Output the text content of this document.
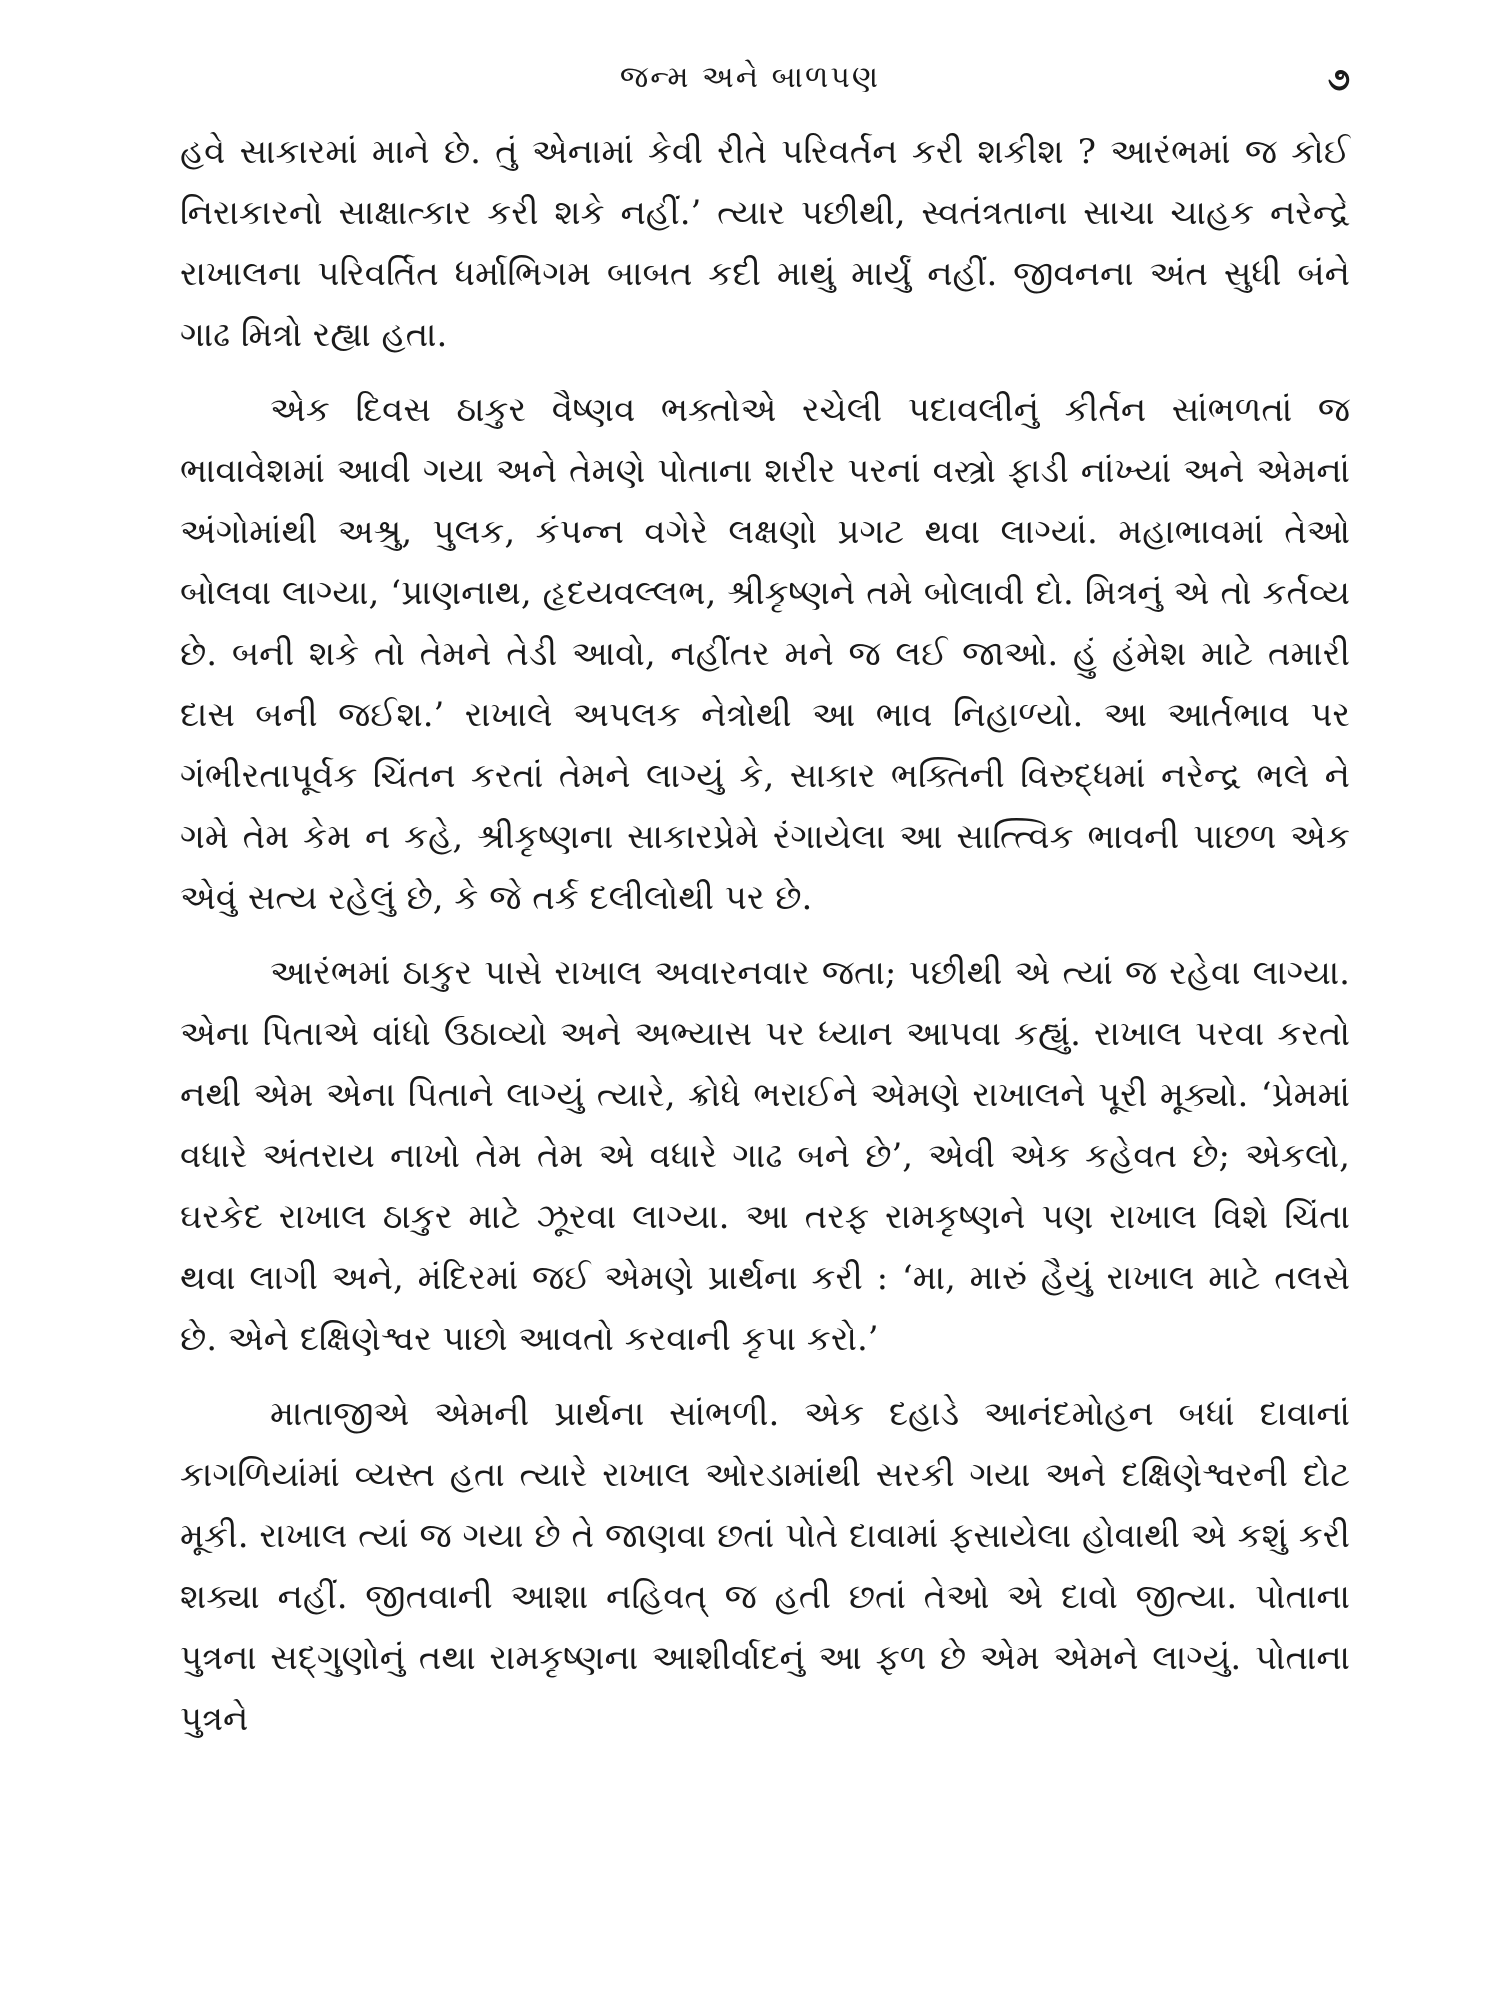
જન્મ અને બાળપણ	૭

હવે સાકારમાં માને છે. તું એનામાં કેવી રીતે પરિવર્તન કરી શકીશ ? આરંભમાં જ કોઈ નિરાકારનો સાક્ષાત્કાર કરી શકે નહીં.’ ત્યાર પછીથી, સ્વતંત્રતાના સાચા ચાહક નરેન્દ્રે રાખાલના પરિવર્તિત ધર્માભિગમ બાબત કદી માથું માર્યું નહીં. જીવનના અંત સુધી બંને ગાઢ મિત્રો રહ્યા હતા.

એક દિવસ ઠાકુર વૈષ્ણવ ભક્તોએ રચેલી પદાવલીનું કીર્તન સાંભળતાં જ ભાવાવેશમાં આવી ગયા અને તેમણે પોતાના શરીર પરનાં વસ્ત્રો ફાડી નાંખ્યાં અને એમનાં અંગોમાંથી અશ્રુ, પુલક, કંપન્ન વગેરે લક્ષણો પ્રગટ થવા લાગ્યાં. મહાભાવમાં તેઓ બોલવા લાગ્યા, ‘પ્રાણનાથ, હૃદયવલ્લભ, શ્રીકૃષ્ણને તમે બોલાવી દો. મિત્રનું એ તો કર્તવ્ય છે. બની શકે તો તેમને તેડી આવો, નહીંતર મને જ લઈ જાઓ. હું હંમેશ માટે તમારી દાસ બની જઈશ.’ રાખાલે અપલક નેત્રોથી આ ભાવ નિહાળ્યો. આ આર્તભાવ પર ગંભીરતાપૂર્વક ચિંતન કરતાં તેમને લાગ્યું કે, સાકાર ભક્તિની વિરુદ્ધમાં નરેન્દ્ર ભલે ને ગમે તેમ કેમ ન કહે, શ્રીકૃષ્ણના સાકારપ્રેમે રંગાયેલા આ સાત્ત્વિક ભાવની પાછળ એક એવું સત્ય રહેલું છે, કે જે તર્ક દલીલોથી પર છે.

આરંભમાં ઠાકુર પાસે રાખાલ અવારનવાર જતા; પછીથી એ ત્યાં જ રહેવા લાગ્યા. એના પિતાએ વાંધો ઉઠાવ્યો અને અભ્યાસ પર ધ્યાન આપવા કહ્યું. રાખાલ પરવા કરતો નથી એમ એના પિતાને લાગ્યું ત્યારે, ક્રોધે ભરાઈને એમણે રાખાલને પૂરી મૂક્યો. ‘પ્રેમમાં વધારે અંતરાય નાખો તેમ તેમ એ વધારે ગાઢ બને છે’, એવી એક કહેવત છે; એકલો, ઘરકેદ રાખાલ ઠાકુર માટે ઝૂરવા લાગ્યા. આ તરફ રામકૃષ્ણને પણ રાખાલ વિશે ચિંતા થવા લાગી અને, મંદિરમાં જઈ એમણે પ્રાર્થના કરી : ‘મા, મારું હૈયું રાખાલ માટે તલસે છે. એને દક્ષિણેશ્વર પાછો આવતો કરવાની કૃપા કરો.’

માતાજીએ એમની પ્રાર્થના સાંભળી. એક દહાડે આનંદમોહન બધાં દાવાનાં કાગળિયાંમાં વ્યસ્ત હતા ત્યારે રાખાલ ઓરડામાંથી સરકી ગયા અને દક્ષિણેશ્વરની દોટ મૂકી. રાખાલ ત્યાં જ ગયા છે તે જાણવા છતાં પોતે દાવામાં ફસાયેલા હોવાથી એ કશું કરી શક્યા નહીં. જીતવાની આશા નહિવત્ જ હતી છતાં તેઓ એ દાવો જીત્યા. પોતાના પુત્રના સદ્‌ગુણોનું તથા રામકૃષ્ણના આશીર્વાદનું આ ફળ છે એમ એમને લાગ્યું. પોતાના પુત્રને
